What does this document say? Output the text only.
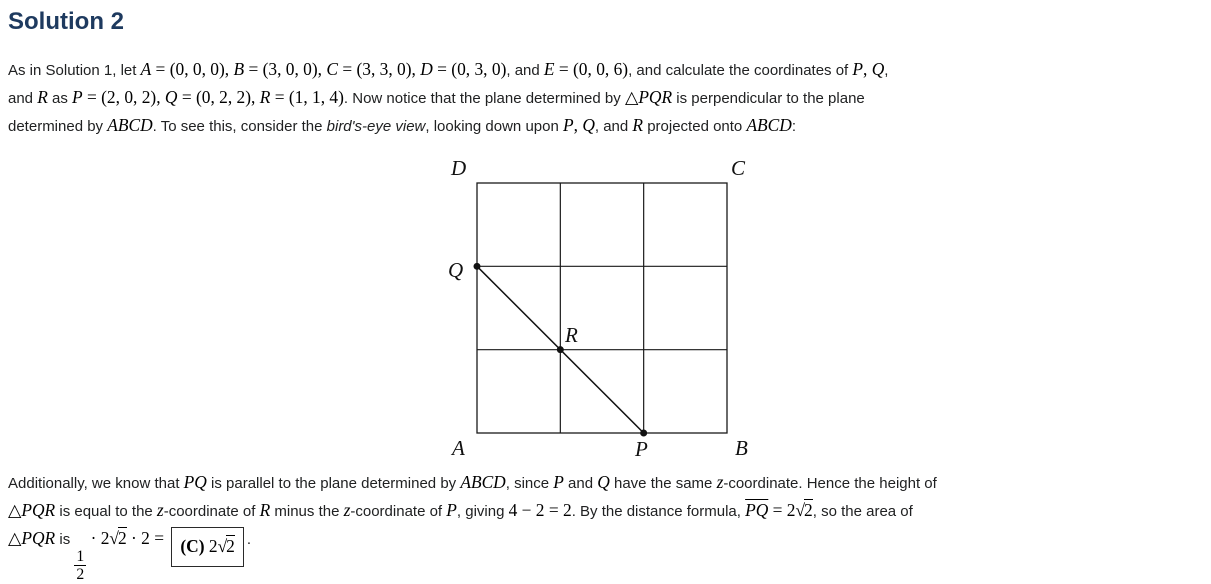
Solution 2

As in Solution 1, let A = (0, 0, 0), B = (3, 0, 0), C = (3, 3, 0), D = (0, 3, 0), and E = (0, 0, 6), and calculate the coordinates of P, Q,
and R as P = (2, 0, 2), Q = (0, 2, 2), R = (1, 1, 4). Now notice that the plane determined by △PQR is perpendicular to the plane
determined by ABCD. To see this, consider the bird's-eye view, looking down upon P, Q, and R projected onto ABCD:

D	C
Q
R
A	P	B

Additionally, we know that PQ is parallel to the plane determined by ABCD, since P and Q have the same z-coordinate. Hence the height of
△PQR is equal to the z-coordinate of R minus the z-coordinate of P, giving 4 − 2 = 2. By the distance formula, $\overline{PQ} = 2√2$, so the area of
△PQR is
$\frac{1}{2}$
· 2√2 · 2 = (C) 2√2 .
